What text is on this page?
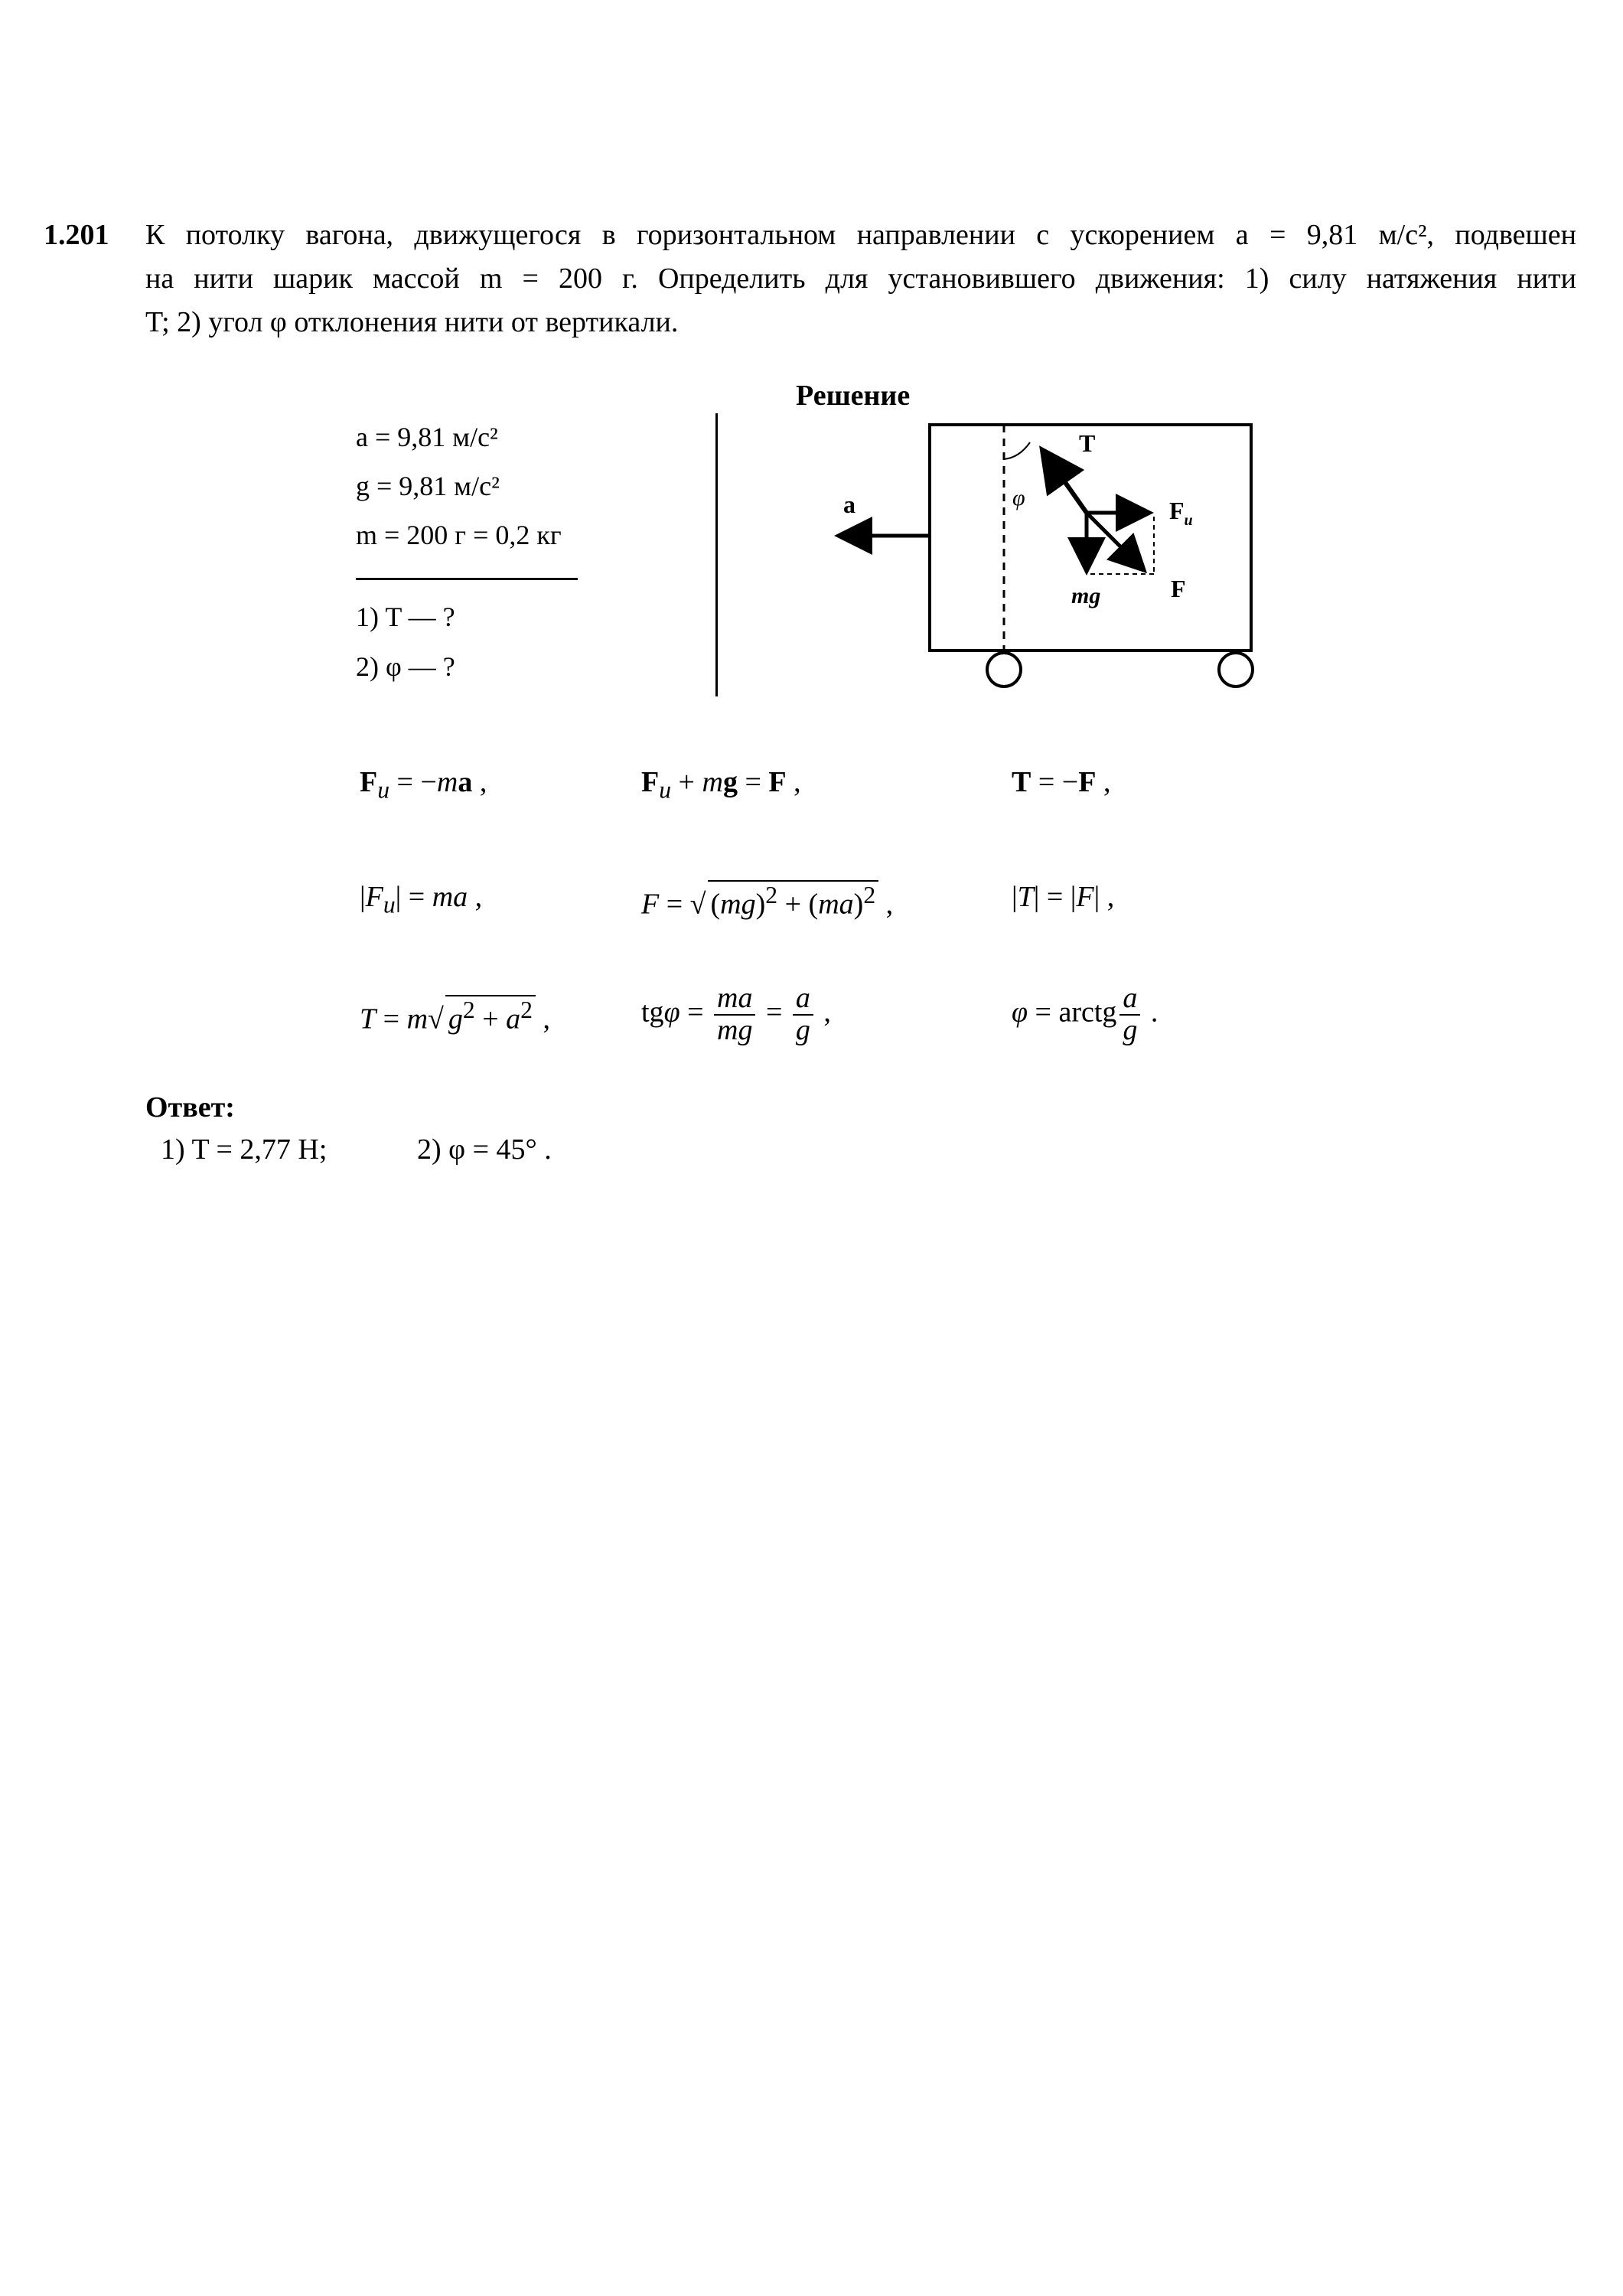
1.201 К потолку вагона, движущегося в горизонтальном направлении с ускорением a = 9,81 м/с², подвешен
на нити шарик массой m = 200 г. Определить для установившего движения: 1) силу натяжения нити
T; 2) угол φ отклонения нити от вертикали.
Решение
a = 9,81 м/с²
g = 9,81 м/с²
m = 200 г = 0,2 кг
1) T — ?
2) φ — ?
a	φ
T
$F_и$
mg	F
$F_и = -ma$ ,	$F_и$ + mg = F ,	T = −F ,
$|F_и|$ = ma ,	F = √ (mg)$^2$ + (ma)$^2$ ,	|T| = |F| ,
T = m√ $g^2 + a^2$ ,	$tg\varphi = \frac{ma}{mg} = \frac{a}{g}$ ,	φ = arctg $\frac{a}{g}$ .
Ответ:
1) T = 2,77 Н;	2) φ = 45° .
